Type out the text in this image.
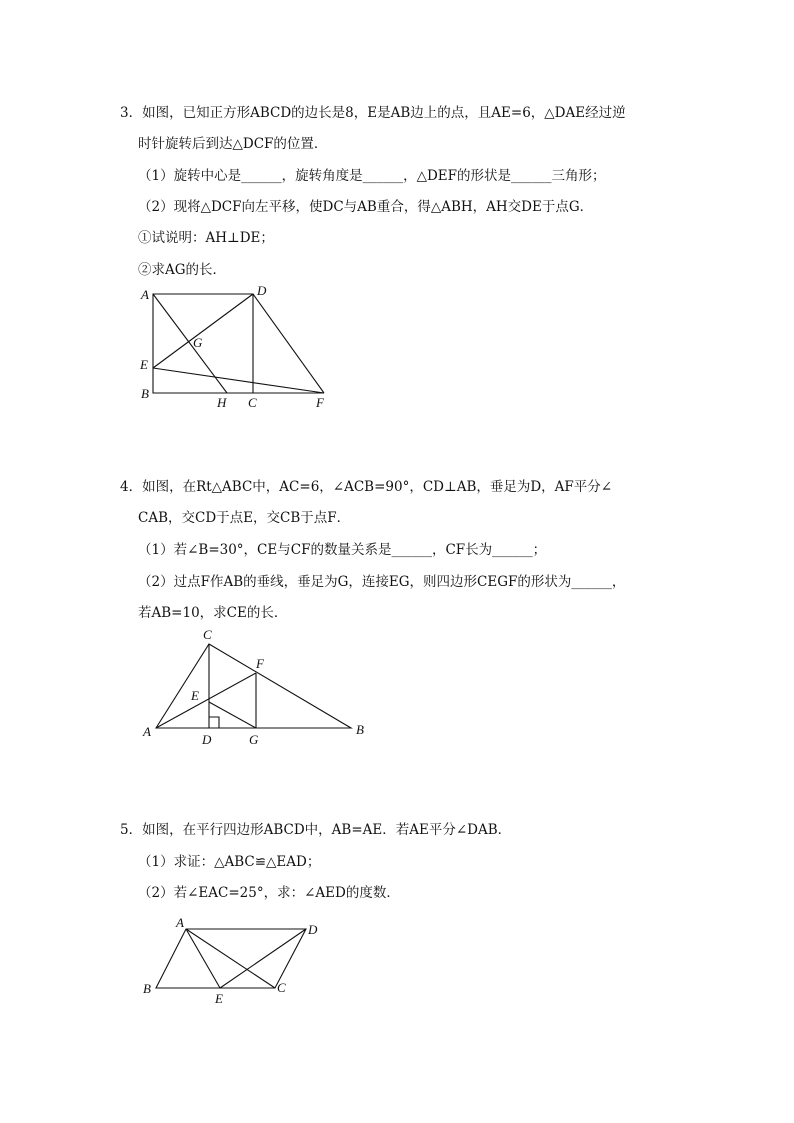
3．如图，已知正方形ABCD的边长是8，E是AB边上的点，且AE=6，△DAE经过逆
时针旋转后到达△DCF的位置．
（1）旋转中心是______，旋转角度是______，△DEF的形状是______三角形；
（2）现将△DCF向左平移，使DC与AB重合，得△ABH，AH交DE于点G．
①试说明：AH⊥DE；
②求AG的长．
A	D
G
E
B
H C	F
4．如图，在Rt△ABC中，AC=6，∠ACB=90°，CD⊥AB，垂足为D，AF平分∠
CAB，交CD于点E，交CB于点F．
（1）若∠B=30°，CE与CF的数量关系是______，CF长为______；
（2）过点F作AB的垂线，垂足为G，连接EG，则四边形CEGF的形状为______，
若AB=10，求CE的长．
C
F
E
A
D	G
B
5．如图，在平行四边形ABCD中，AB=AE．若AE平分∠DAB．
（1）求证：△ABC≌△EAD；
（2）若∠EAC=25°，求：∠AED的度数．
A	D
B
E
C
